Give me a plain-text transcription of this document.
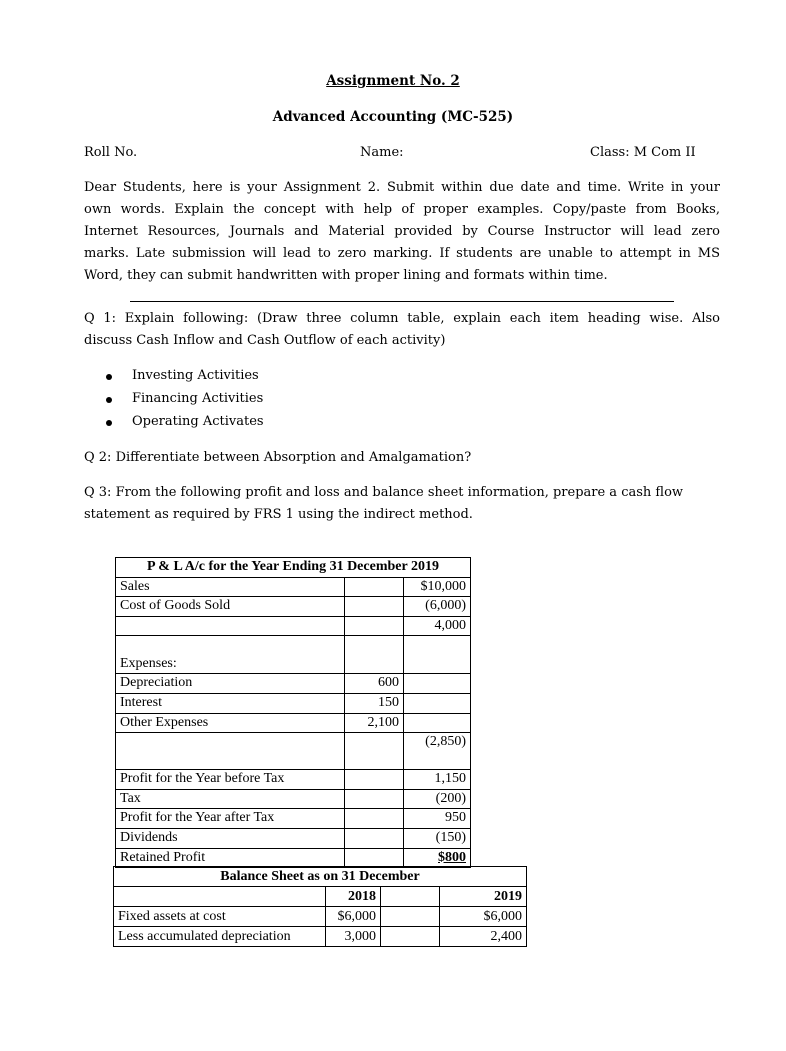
Assignment No. 2
Advanced Accounting (MC-525)
Roll No.	Name:	Class: M Com II
Dear Students, here is your Assignment 2. Submit within due date and time. Write in your
own words. Explain the concept with help of proper examples. Copy/paste from Books,
Internet Resources, Journals and Material provided by Course Instructor will lead zero
marks. Late submission will lead to zero marking. If students are unable to attempt in MS
Word, they can submit handwritten with proper lining and formats within time.
Q 1: Explain following: (Draw three column table, explain each item heading wise. Also
discuss Cash Inflow and Cash Outflow of each activity)
Investing Activities
Financing Activities
Operating Activates
Q 2: Differentiate between Absorption and Amalgamation?
Q 3: From the following profit and loss and balance sheet information, prepare a cash flow
statement as required by FRS 1 using the indirect method.
P & L A/c for the Year Ending 31 December 2019		
Sales		$10,000
Cost of Goods Sold		(6,000)
		4,000

Expenses:		

Depreciation	600	
Interest	150	
Other Expenses	2,100	
		(2,850)
Profit for the Year before Tax		1,150
Tax		(200)
Profit for the Year after Tax		950
Dividends		(150)
Retained Profit		$800
Balance Sheet as on 31 December			
	2018		2019
Fixed assets at cost	$6,000		$6,000
Less accumulated depreciation	3,000		2,400
